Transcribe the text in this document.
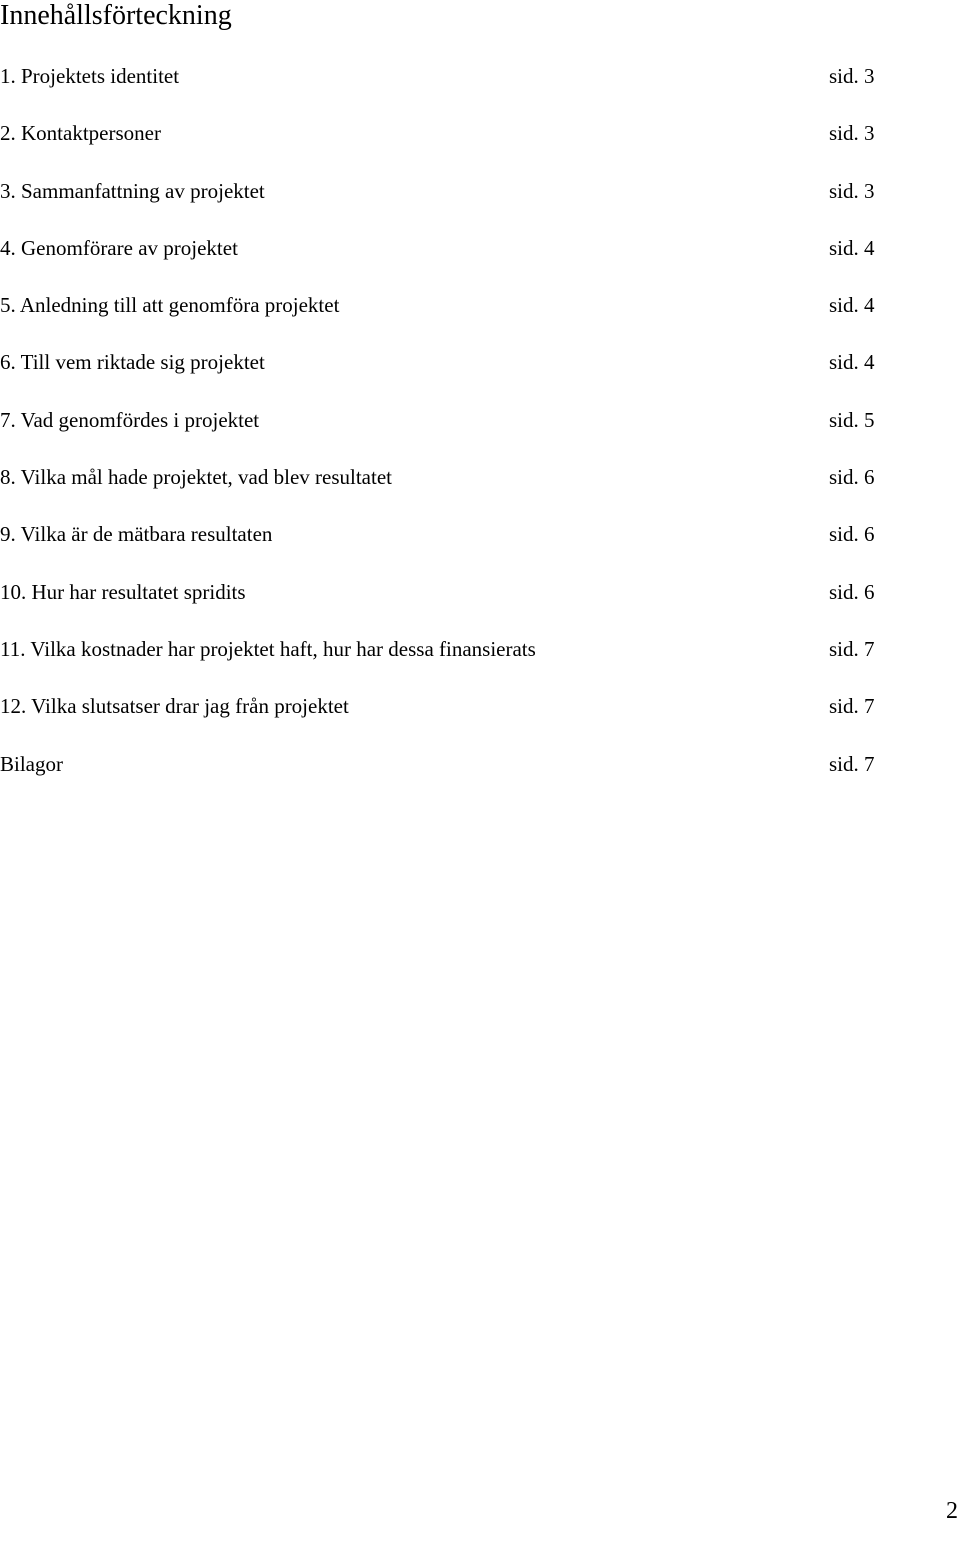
Innehållsförteckning
1. Projektets identitet	sid. 3
2. Kontaktpersoner	sid. 3
3. Sammanfattning av projektet	sid. 3
4. Genomförare av projektet	sid. 4
5. Anledning till att genomföra projektet	sid. 4
6. Till vem riktade sig projektet	sid. 4
7. Vad genomfördes i projektet	sid. 5
8. Vilka mål hade projektet, vad blev resultatet	sid. 6
9. Vilka är de mätbara resultaten	sid. 6
10. Hur har resultatet spridits	sid. 6
11. Vilka kostnader har projektet haft, hur har dessa finansierats	sid. 7
12. Vilka slutsatser drar jag från projektet	sid. 7
Bilagor	sid. 7
2
